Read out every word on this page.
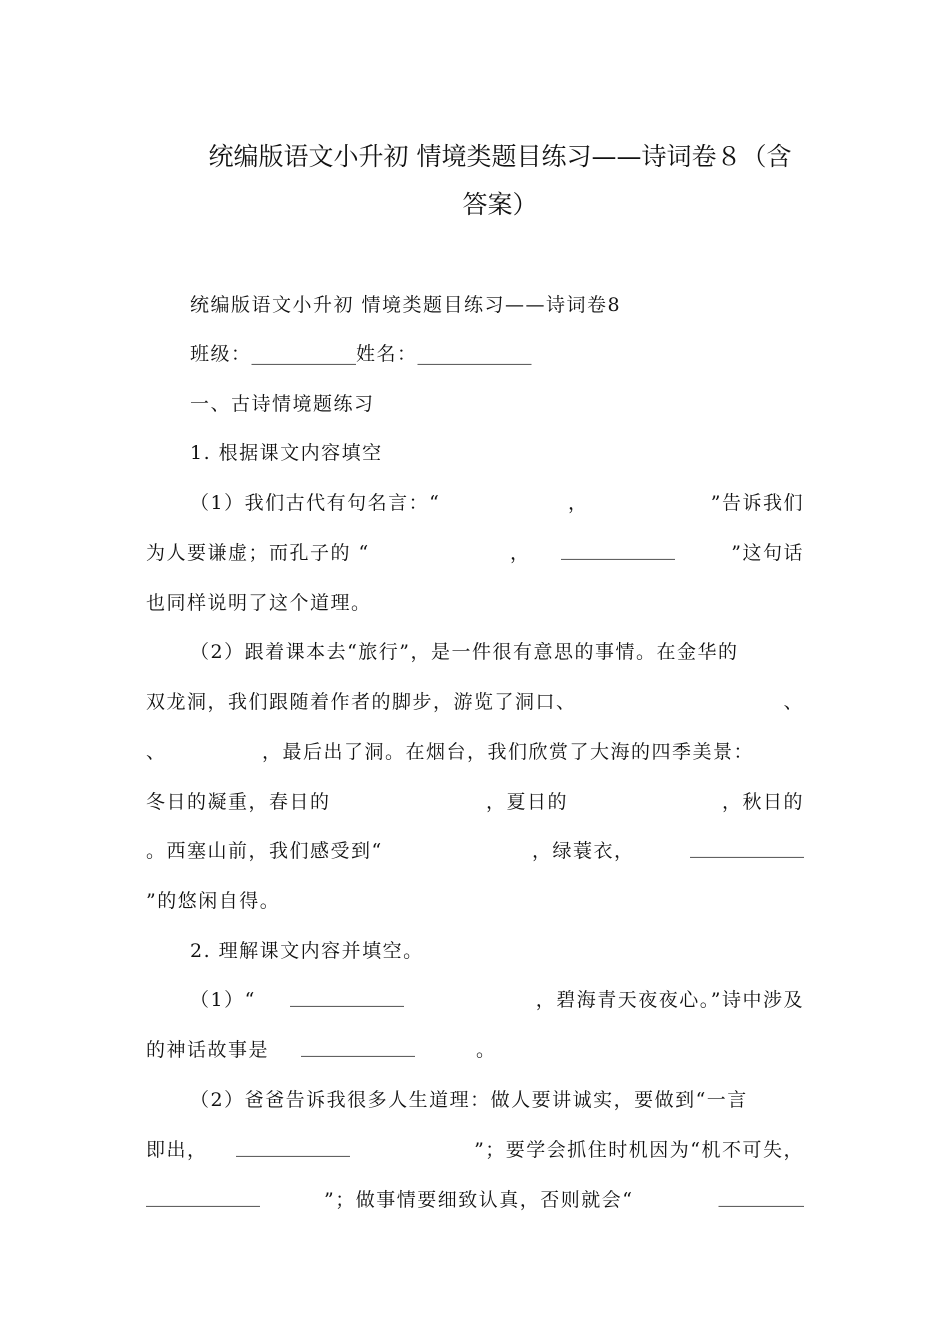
统编版语文小升初 情境类题目练习——诗词卷８（含
答案）
统编版语文小升初 情境类题目练习——诗词卷8
班级：___________姓名：____________
一、古诗情境题练习
1. 根据课文内容填空
（1）我们古代有句名言：“	，	”告诉我们
为人要谦虚；而孔子的 “	， ____________	”这句话
也同样说明了这个道理。
（2）跟着课本去“旅行”，是一件很有意思的事情。在金华的
双龙洞，我们跟随着作者的脚步，游览了洞口、	、
、	，最后出了洞。在烟台，我们欣赏了大海的四季美景：
冬日的凝重，春日的	，夏日的	，秋日的
。西塞山前，我们感受到“	，绿蓑衣，	____________
”的悠闲自得。
2. 理解课文内容并填空。
（1）“ ____________	，碧海青天夜夜心。”诗中涉及
的神话故事是 ____________	。
（2）爸爸告诉我很多人生道理：做人要讲诚实，要做到“一言
即出， ____________	”；要学会抓住时机因为“机不可失，
____________	”；做事情要细致认真，否则就会“	_________
